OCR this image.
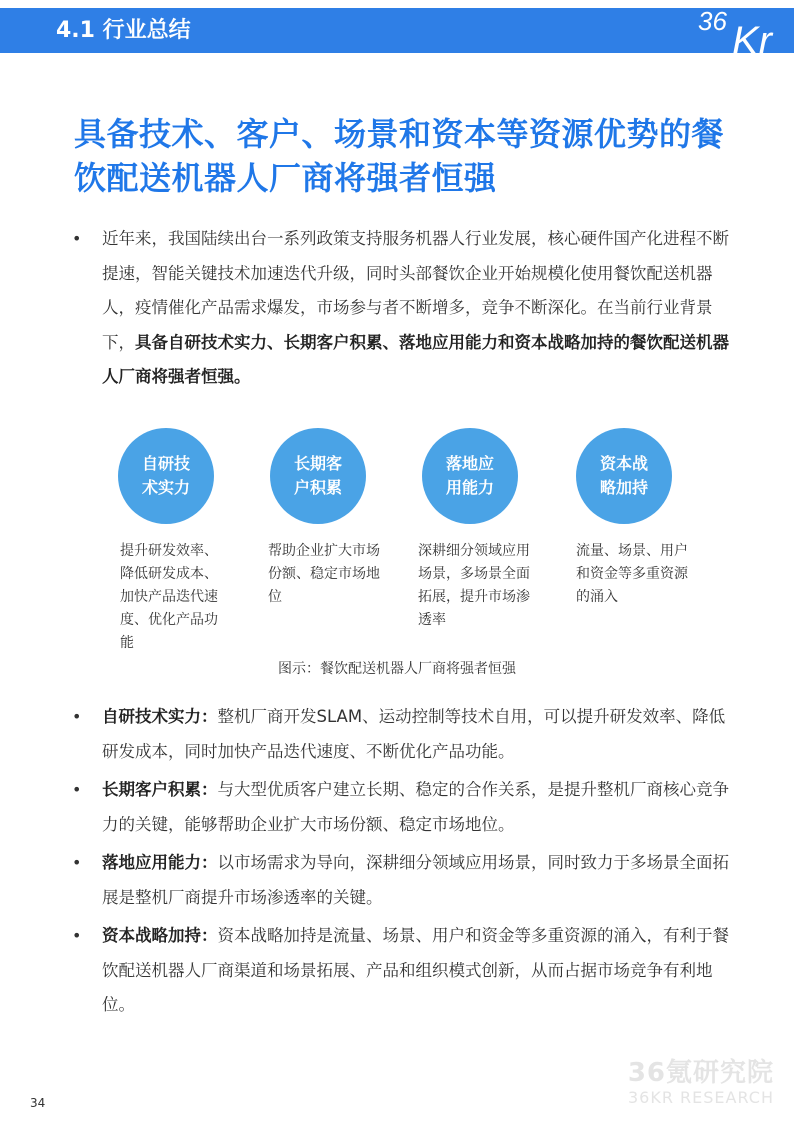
4.1 行业总结	36 Kr
具备技术、客户、场景和资本等资源优势的餐饮配送机器人厂商将强者恒强
• 近年来，我国陆续出台一系列政策支持服务机器人行业发展，核心硬件国产化进程不断提速，智能关键技术加速迭代升级，同时头部餐饮企业开始规模化使用餐饮配送机器人，疫情催化产品需求爆发，市场参与者不断增多，竞争不断深化。在当前行业背景下，具备自研技术实力、长期客户积累、落地应用能力和资本战略加持的餐饮配送机器人厂商将强者恒强。
自研技术实力
长期客户积累
落地应用能力
资本战略加持
提升研发效率、降低研发成本、加快产品迭代速度、优化产品功能
帮助企业扩大市场份额、稳定市场地位
深耕细分领域应用场景，多场景全面拓展，提升市场渗透率
流量、场景、用户和资金等多重资源的涌入
图示：餐饮配送机器人厂商将强者恒强
• 自研技术实力：整机厂商开发SLAM、运动控制等技术自用，可以提升研发效率、降低研发成本，同时加快产品迭代速度、不断优化产品功能。
• 长期客户积累：与大型优质客户建立长期、稳定的合作关系，是提升整机厂商核心竞争力的关键，能够帮助企业扩大市场份额、稳定市场地位。
• 落地应用能力：以市场需求为导向，深耕细分领域应用场景，同时致力于多场景全面拓展是整机厂商提升市场渗透率的关键。
• 资本战略加持：资本战略加持是流量、场景、用户和资金等多重资源的涌入，有利于餐饮配送机器人厂商渠道和场景拓展、产品和组织模式创新，从而占据市场竞争有利地位。
36氪研究院
36KR RESEARCH
34
